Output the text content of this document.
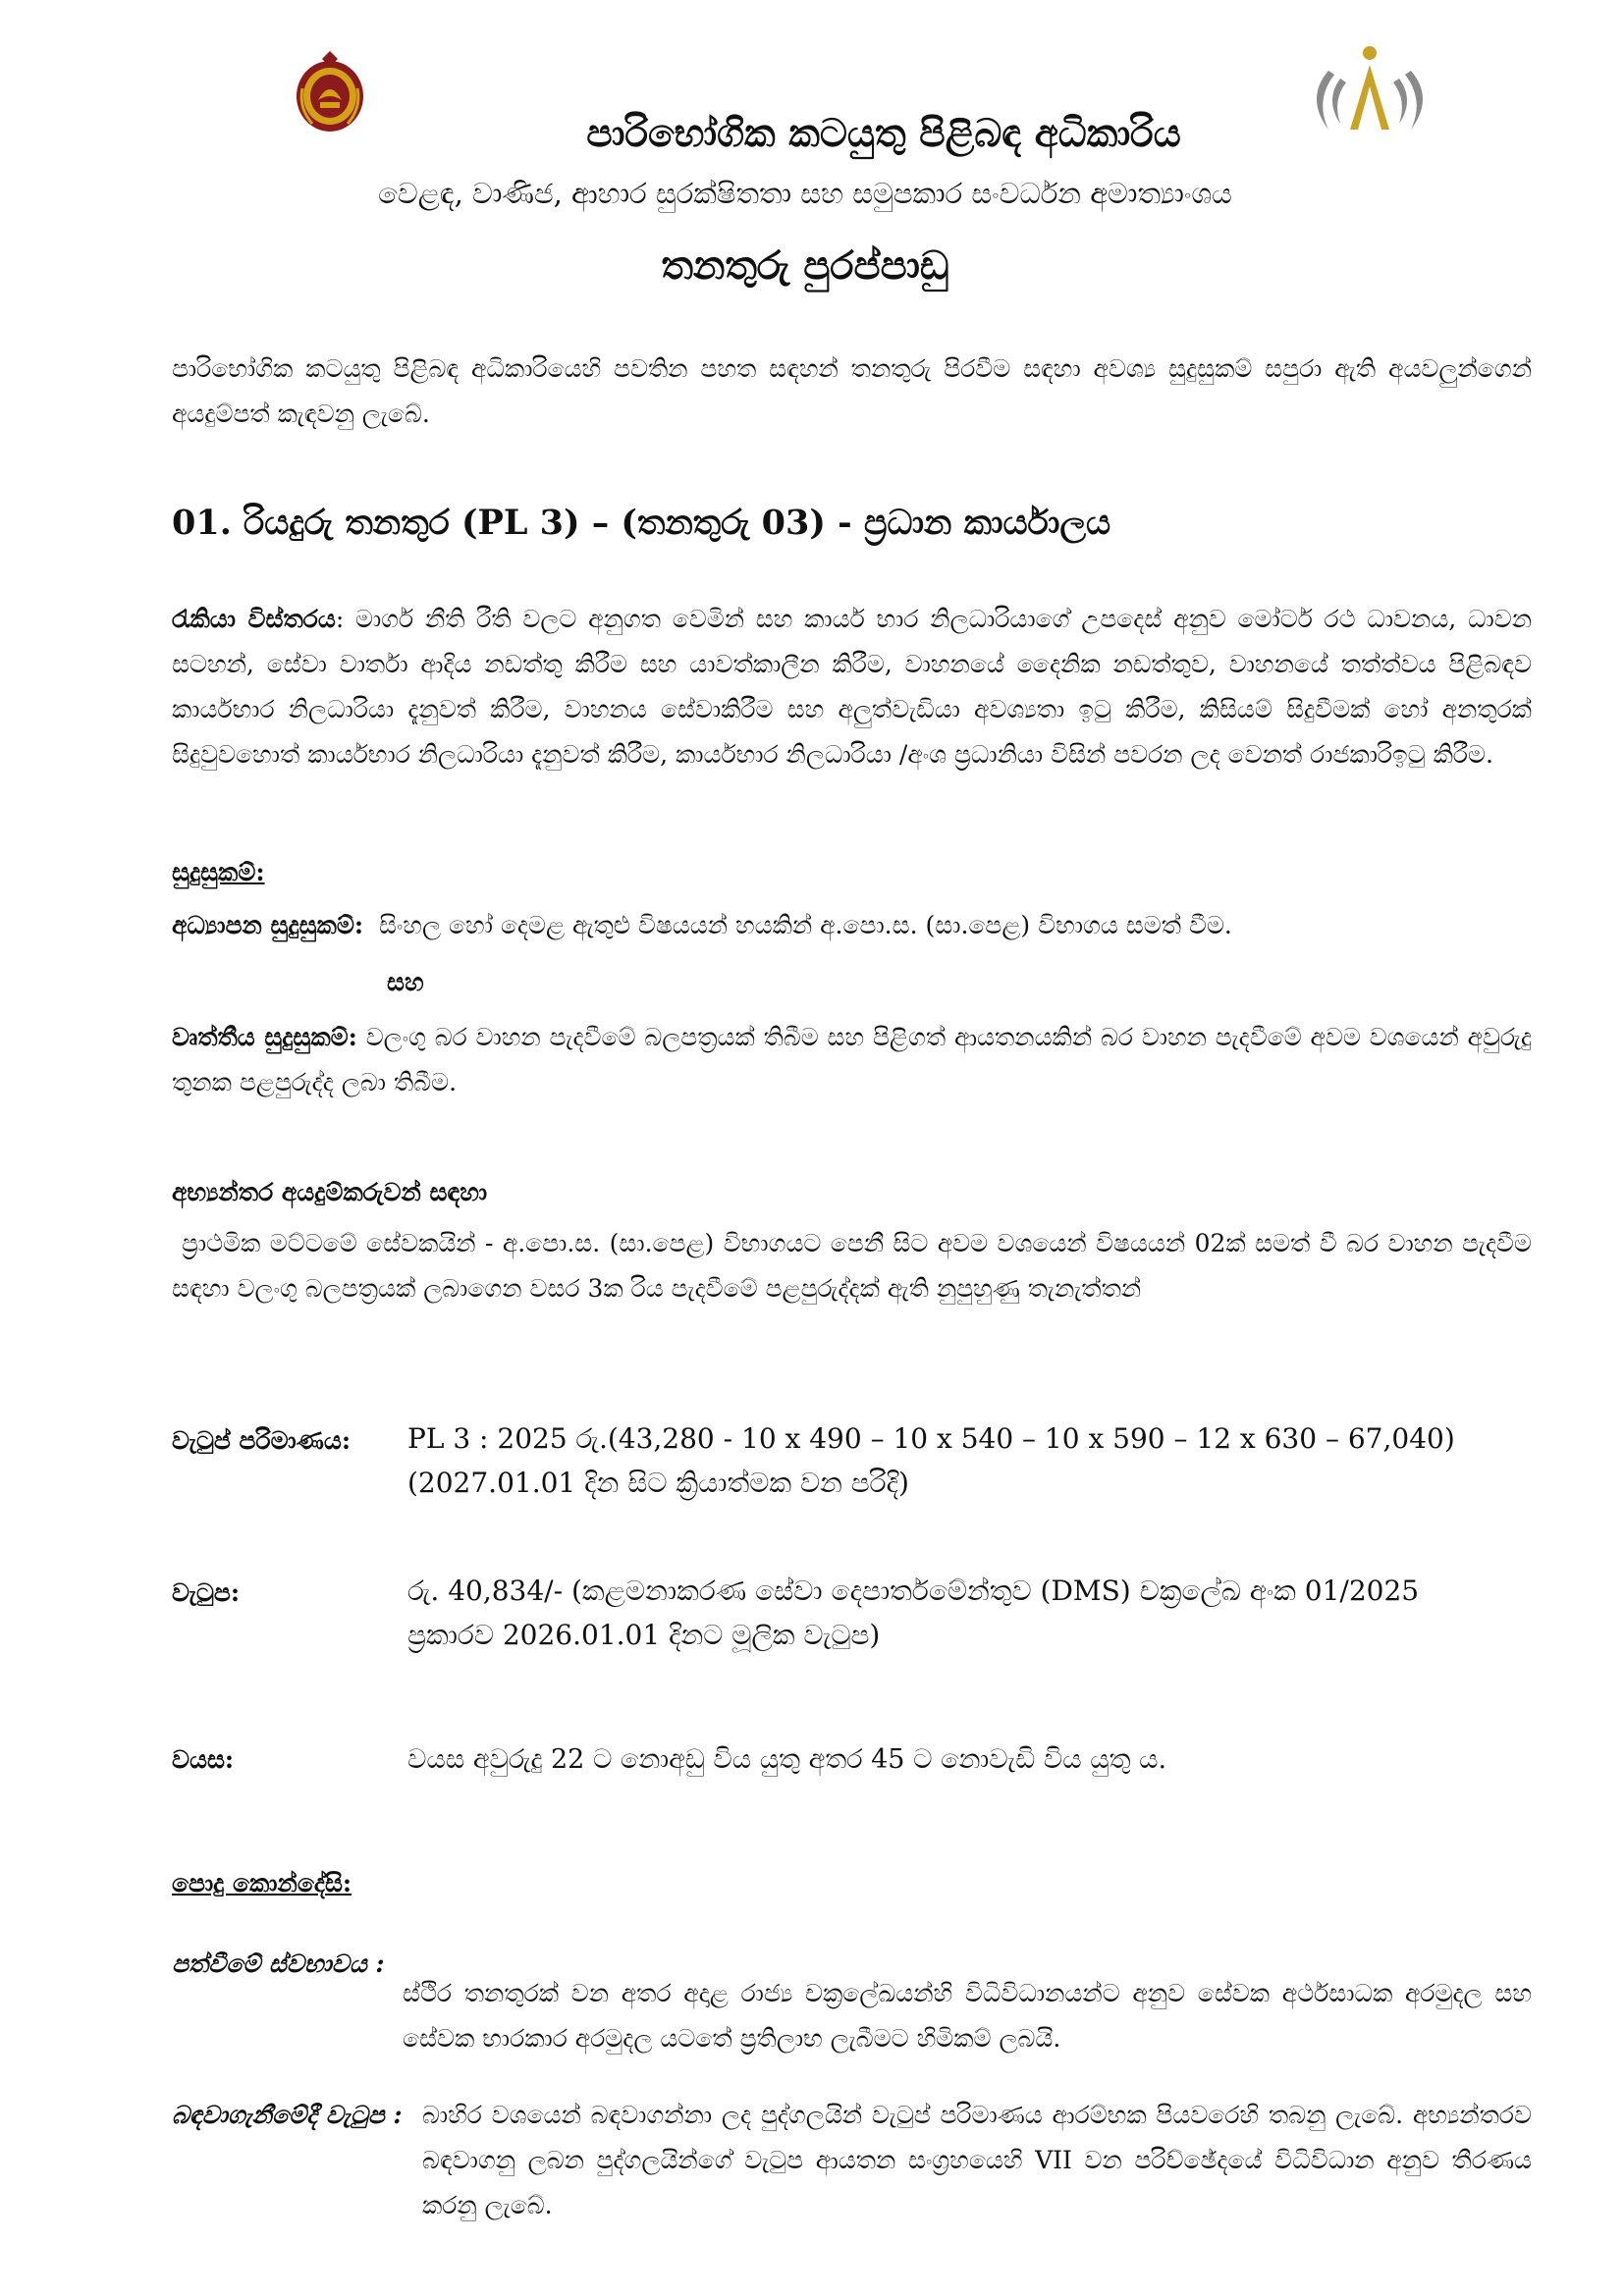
පාරිභෝගික කටයුතු පිළිබඳ අධිකාරිය
වෙළඳ, වාණිජ, ආහාර සුරක්ෂිතතා සහ සමුපකාර සංවර්ධන අමාත්‍යාංශය
තනතුරු පුරප්පාඩු
පාරිභෝගික කටයුතු පිළිබඳ අධිකාරියෙහි පවතින පහත සඳහන් තනතුරු පිරවීම සඳහා අවශ්‍ය සුදුසුකම් සපුරා ඇති අයවලුන්ගෙන් අයදුම්පත් කැඳවනු ලැබේ.
01. රියදුරු තනතුර (PL 3) – (තනතුරු 03) - ප්‍රධාන කාර්යාලය
රැකියා විස්තරය: මාර්ග නීති රීති වලට අනුගත වෙමින් සහ කාර්ය භාර නිලධාරියාගේ උපදෙස් අනුව මෝටර් රථ ධාවනය, ධාවන සටහන්, සේවා වාර්තා ආදිය නඩත්තු කිරීම සහ යාවත්කාලීන කිරීම, වාහනයේ දෛනික නඩත්තුව, වාහනයේ තත්ත්වය පිළිබඳව කාර්යභාර නිලධාරියා දැනුවත් කිරීම, වාහනය සේවාකිරීම සහ අලුත්වැඩියා අවශ්‍යතා ඉටු කිරීම, කිසියම් සිදුවීමක් හෝ අනතුරක් සිදුවුවහොත් කාර්යභාර නිලධාරියා දැනුවත් කිරීම, කාර්යභාර නිලධාරියා /අංශ ප්‍රධානියා විසින් පවරන ලද වෙනත් රාජකාරිඉටු කිරීම.
සුදුසුකම්:
අධ්‍යාපන සුදුසුකම්: සිංහල හෝ දෙමළ ඇතුළු විෂයයන් හයකින් අ.පො.ස. (සා.පෙළ) විභාගය සමත් වීම.
සහ
වෘත්තීය සුදුසුකම්: වලංගු බර වාහන පැදවීමේ බලපත්‍රයක් තිබීම සහ පිළිගත් ආයතනයකින් බර වාහන පැදවීමේ අවම වශයෙන් අවුරුදු තුනක පළපුරුද්ද ලබා තිබීම.
අභ්‍යන්තර අයදුම්කරුවන් සඳහා
ප්‍රාථමික මට්ටමේ සේවකයින් - අ.පො.ස. (සා.පෙළ) විභාගයට පෙනී සිට අවම වශයෙන් විෂයයන් 02ක් සමත් වී බර වාහන පැදවීම සඳහා වලංගු බලපත්‍රයක් ලබාගෙන වසර 3ක රිය පැදවීමේ පළපුරුද්දක් ඇති නුපුහුණු තැනැත්තන්
වැටුප් පරිමාණය: PL 3 : 2025 රු.(43,280 - 10 x 490 – 10 x 540 – 10 x 590 – 12 x 630 – 67,040)
(2027.01.01 දින සිට ක්‍රියාත්මක වන පරිදි)
වැටුප:	රු. 40,834/- (කළමනාකරණ සේවා දෙපාර්තමේන්තුව (DMS) චක්‍රලේඛ අංක 01/2025
ප්‍රකාරව 2026.01.01 දිනට මූලික වැටුප)
වයස:	වයස අවුරුදු 22 ට නොඅඩු විය යුතු අතර 45 ට නොවැඩි විය යුතු ය.
පොදු කොන්දේසි:
පත්වීමේ ස්වභාවය :
ස්ථිර තනතුරක් වන අතර අදාළ රාජ්‍ය චක්‍රලේඛයන්හි විධිවිධානයන්ට අනුව සේවක අර්ථසාධක අරමුදල සහ සේවක භාරකාර අරමුදල යටතේ ප්‍රතිලාභ ලැබීමට හිමිකම් ලබයි.
බඳවාගැනීමේදී වැටුප : බාහිර වශයෙන් බඳවාගන්නා ලද පුද්ගලයින් වැටුප් පරිමාණය ආරම්භක පියවරෙහි තබනු ලැබේ. අභ්‍යන්තරව බඳවාගනු ලබන පුද්ගලයින්ගේ වැටුප ආයතන සංග්‍රහයෙහි VII වන පරිච්ඡේදයේ විධිවිධාන අනුව තීරණය කරනු ලැබේ.
